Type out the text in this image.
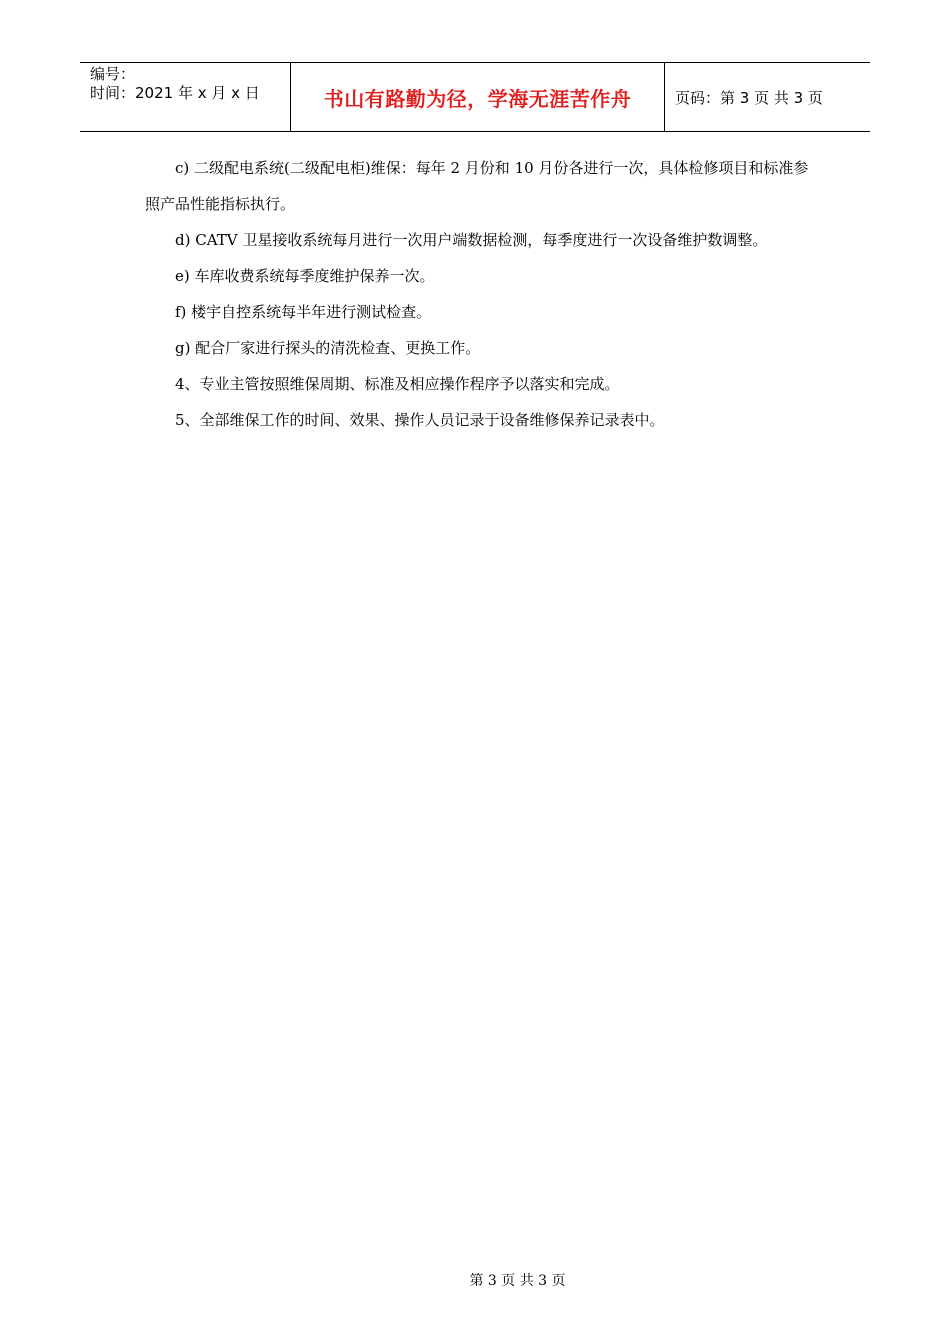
编号：
时间：2021 年 x 月 x 日	书山有路勤为径，学海无涯苦作舟	页码：第 3 页 共 3 页

c) 二级配电系统(二级配电柜)维保：每年 2 月份和 10 月份各进行一次，具体检修项目和标准参照产品性能指标执行。

d) CATV 卫星接收系统每月进行一次用户端数据检测，每季度进行一次设备维护数调整。

e) 车库收费系统每季度维护保养一次。

f) 楼宇自控系统每半年进行测试检查。

g) 配合厂家进行探头的清洗检查、更换工作。

4、专业主管按照维保周期、标准及相应操作程序予以落实和完成。

5、全部维保工作的时间、效果、操作人员记录于设备维修保养记录表中。

第 3 页 共 3 页
